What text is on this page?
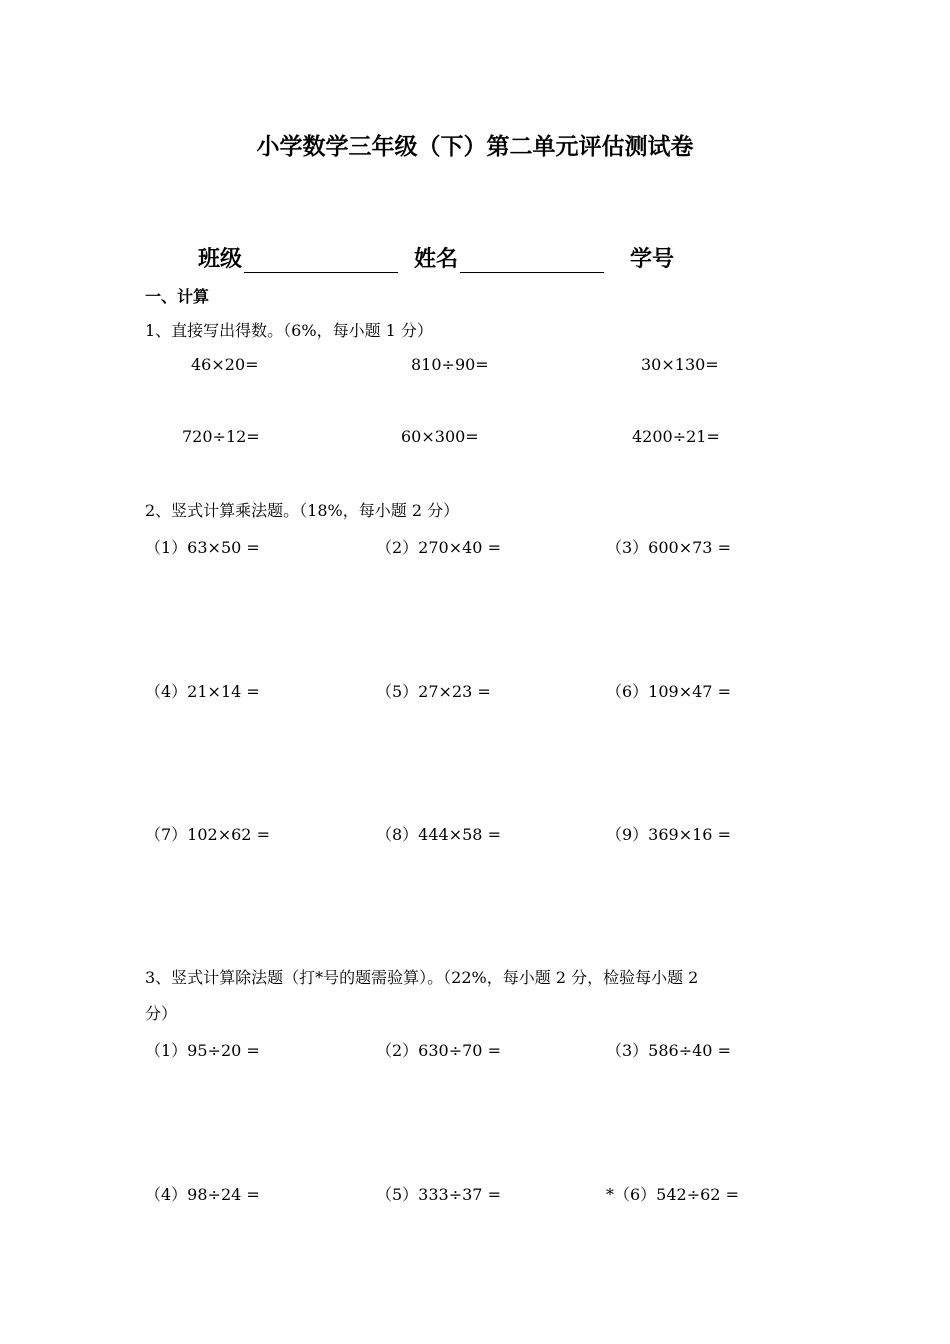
小学数学三年级（下）第二单元评估测试卷
班级	姓名	学号
一、计算
1、直接写出得数。（6%，每小题 1 分）
46×20=	810÷90=	30×130=
720÷12=	60×300=	4200÷21=
2、竖式计算乘法题。（18%，每小题 2 分）
（1）63×50 =	（2）270×40 =	（3）600×73 =
（4）21×14 =	（5）27×23 =	（6）109×47 =
（7）102×62 =	（8）444×58 =	（9）369×16 =
3、竖式计算除法题（打*号的题需验算）。（22%，每小题 2 分，检验每小题 2
分）
（1）95÷20 =	（2）630÷70 =	（3）586÷40 =
（4）98÷24 =	（5）333÷37 =	*（6）542÷62 =
